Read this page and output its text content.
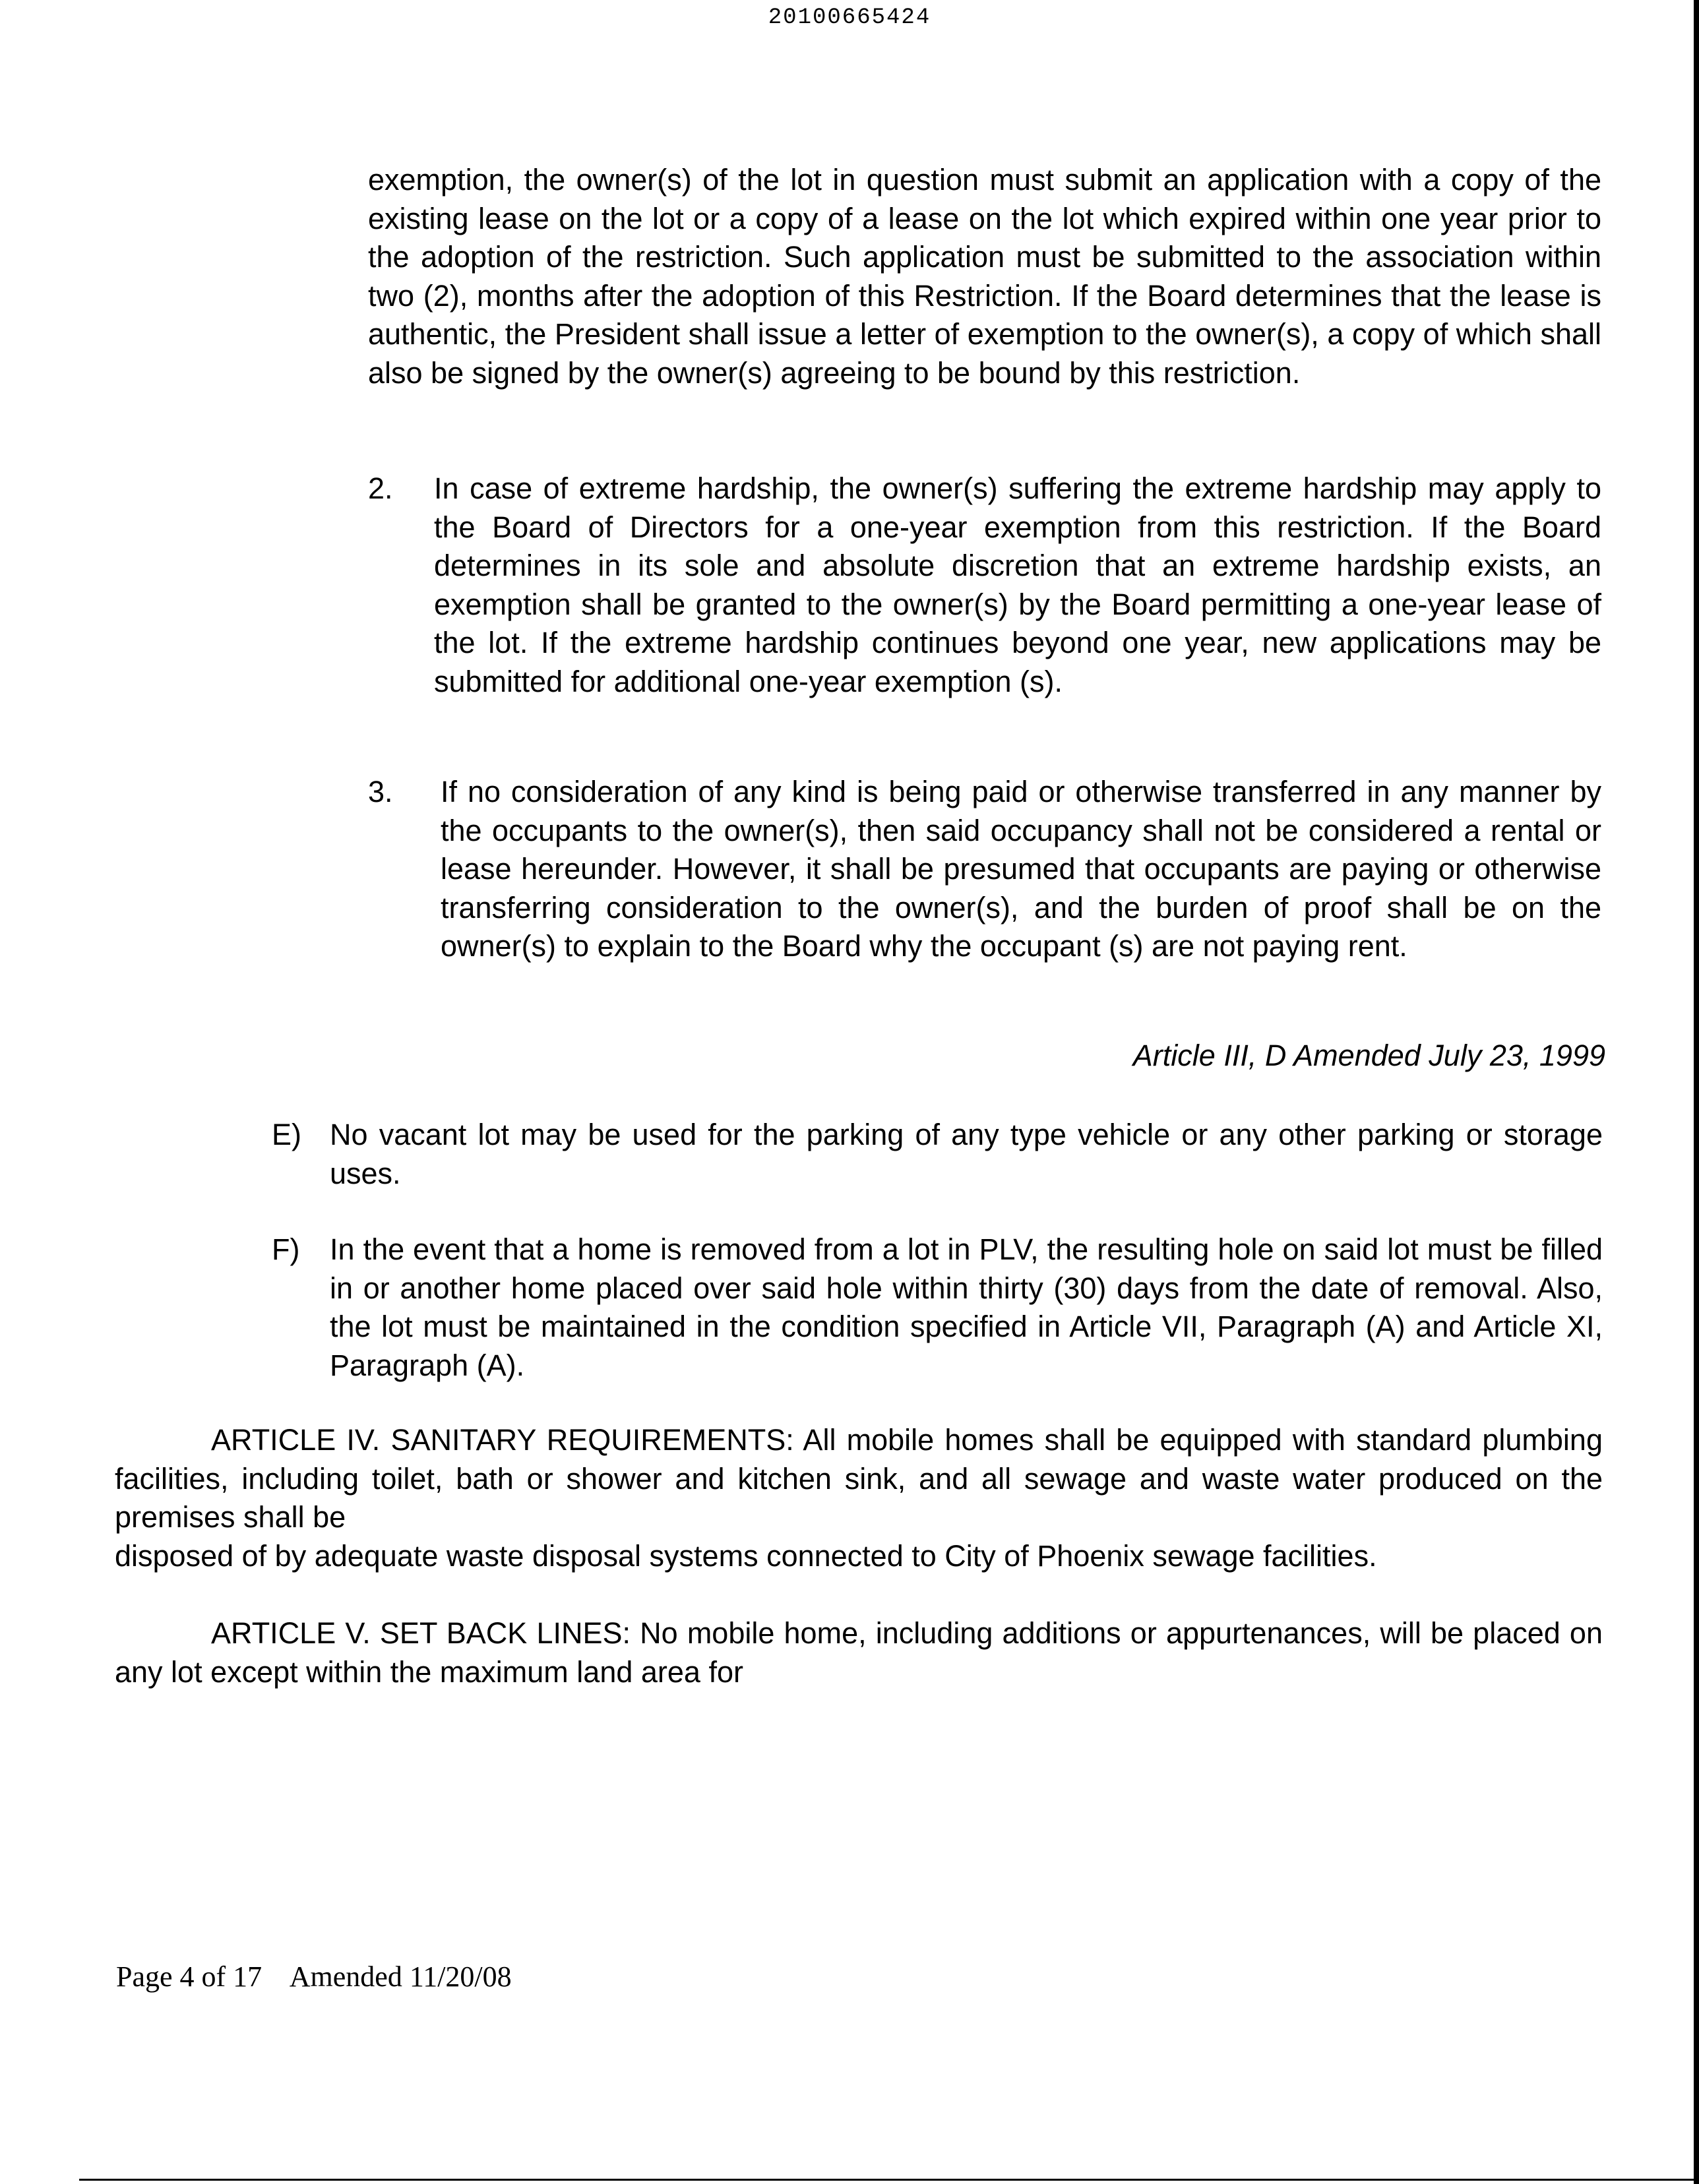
20100665424
exemption, the owner(s) of the lot in question must submit an application with a copy of the existing lease on the lot or a copy of a lease on the lot which expired within one year prior to the adoption of the restriction. Such application must be submitted to the association within two (2), months after the adoption of this Restriction. If the Board determines that the lease is authentic, the President shall issue a letter of exemption to the owner(s), a copy of which shall also be signed by the owner(s) agreeing to be bound by this restriction.
2. In case of extreme hardship, the owner(s) suffering the extreme hardship may apply to the Board of Directors for a one-year exemption from this restriction. If the Board determines in its sole and absolute discretion that an extreme hardship exists, an exemption shall be granted to the owner(s) by the Board permitting a one-year lease of the lot. If the extreme hardship continues beyond one year, new applications may be submitted for additional one-year exemption (s).
3. If no consideration of any kind is being paid or otherwise transferred in any manner by the occupants to the owner(s), then said occupancy shall not be considered a rental or lease hereunder. However, it shall be presumed that occupants are paying or otherwise transferring consideration to the owner(s), and the burden of proof shall be on the owner(s) to explain to the Board why the occupant (s) are not paying rent.
Article III, D Amended July 23, 1999
E) No vacant lot may be used for the parking of any type vehicle or any other parking or storage uses.
F) In the event that a home is removed from a lot in PLV, the resulting hole on said lot must be filled in or another home placed over said hole within thirty (30) days from the date of removal. Also, the lot must be maintained in the condition specified in Article VII, Paragraph (A) and Article XI, Paragraph (A).
ARTICLE IV. SANITARY REQUIREMENTS: All mobile homes shall be equipped with standard plumbing facilities, including toilet, bath or shower and kitchen sink, and all sewage and waste water produced on the premises shall be
disposed of by adequate waste disposal systems connected to City of Phoenix sewage facilities.
ARTICLE V. SET BACK LINES: No mobile home, including additions or appurtenances, will be placed on any lot except within the maximum land area for
Page 4 of 17 Amended 11/20/08
